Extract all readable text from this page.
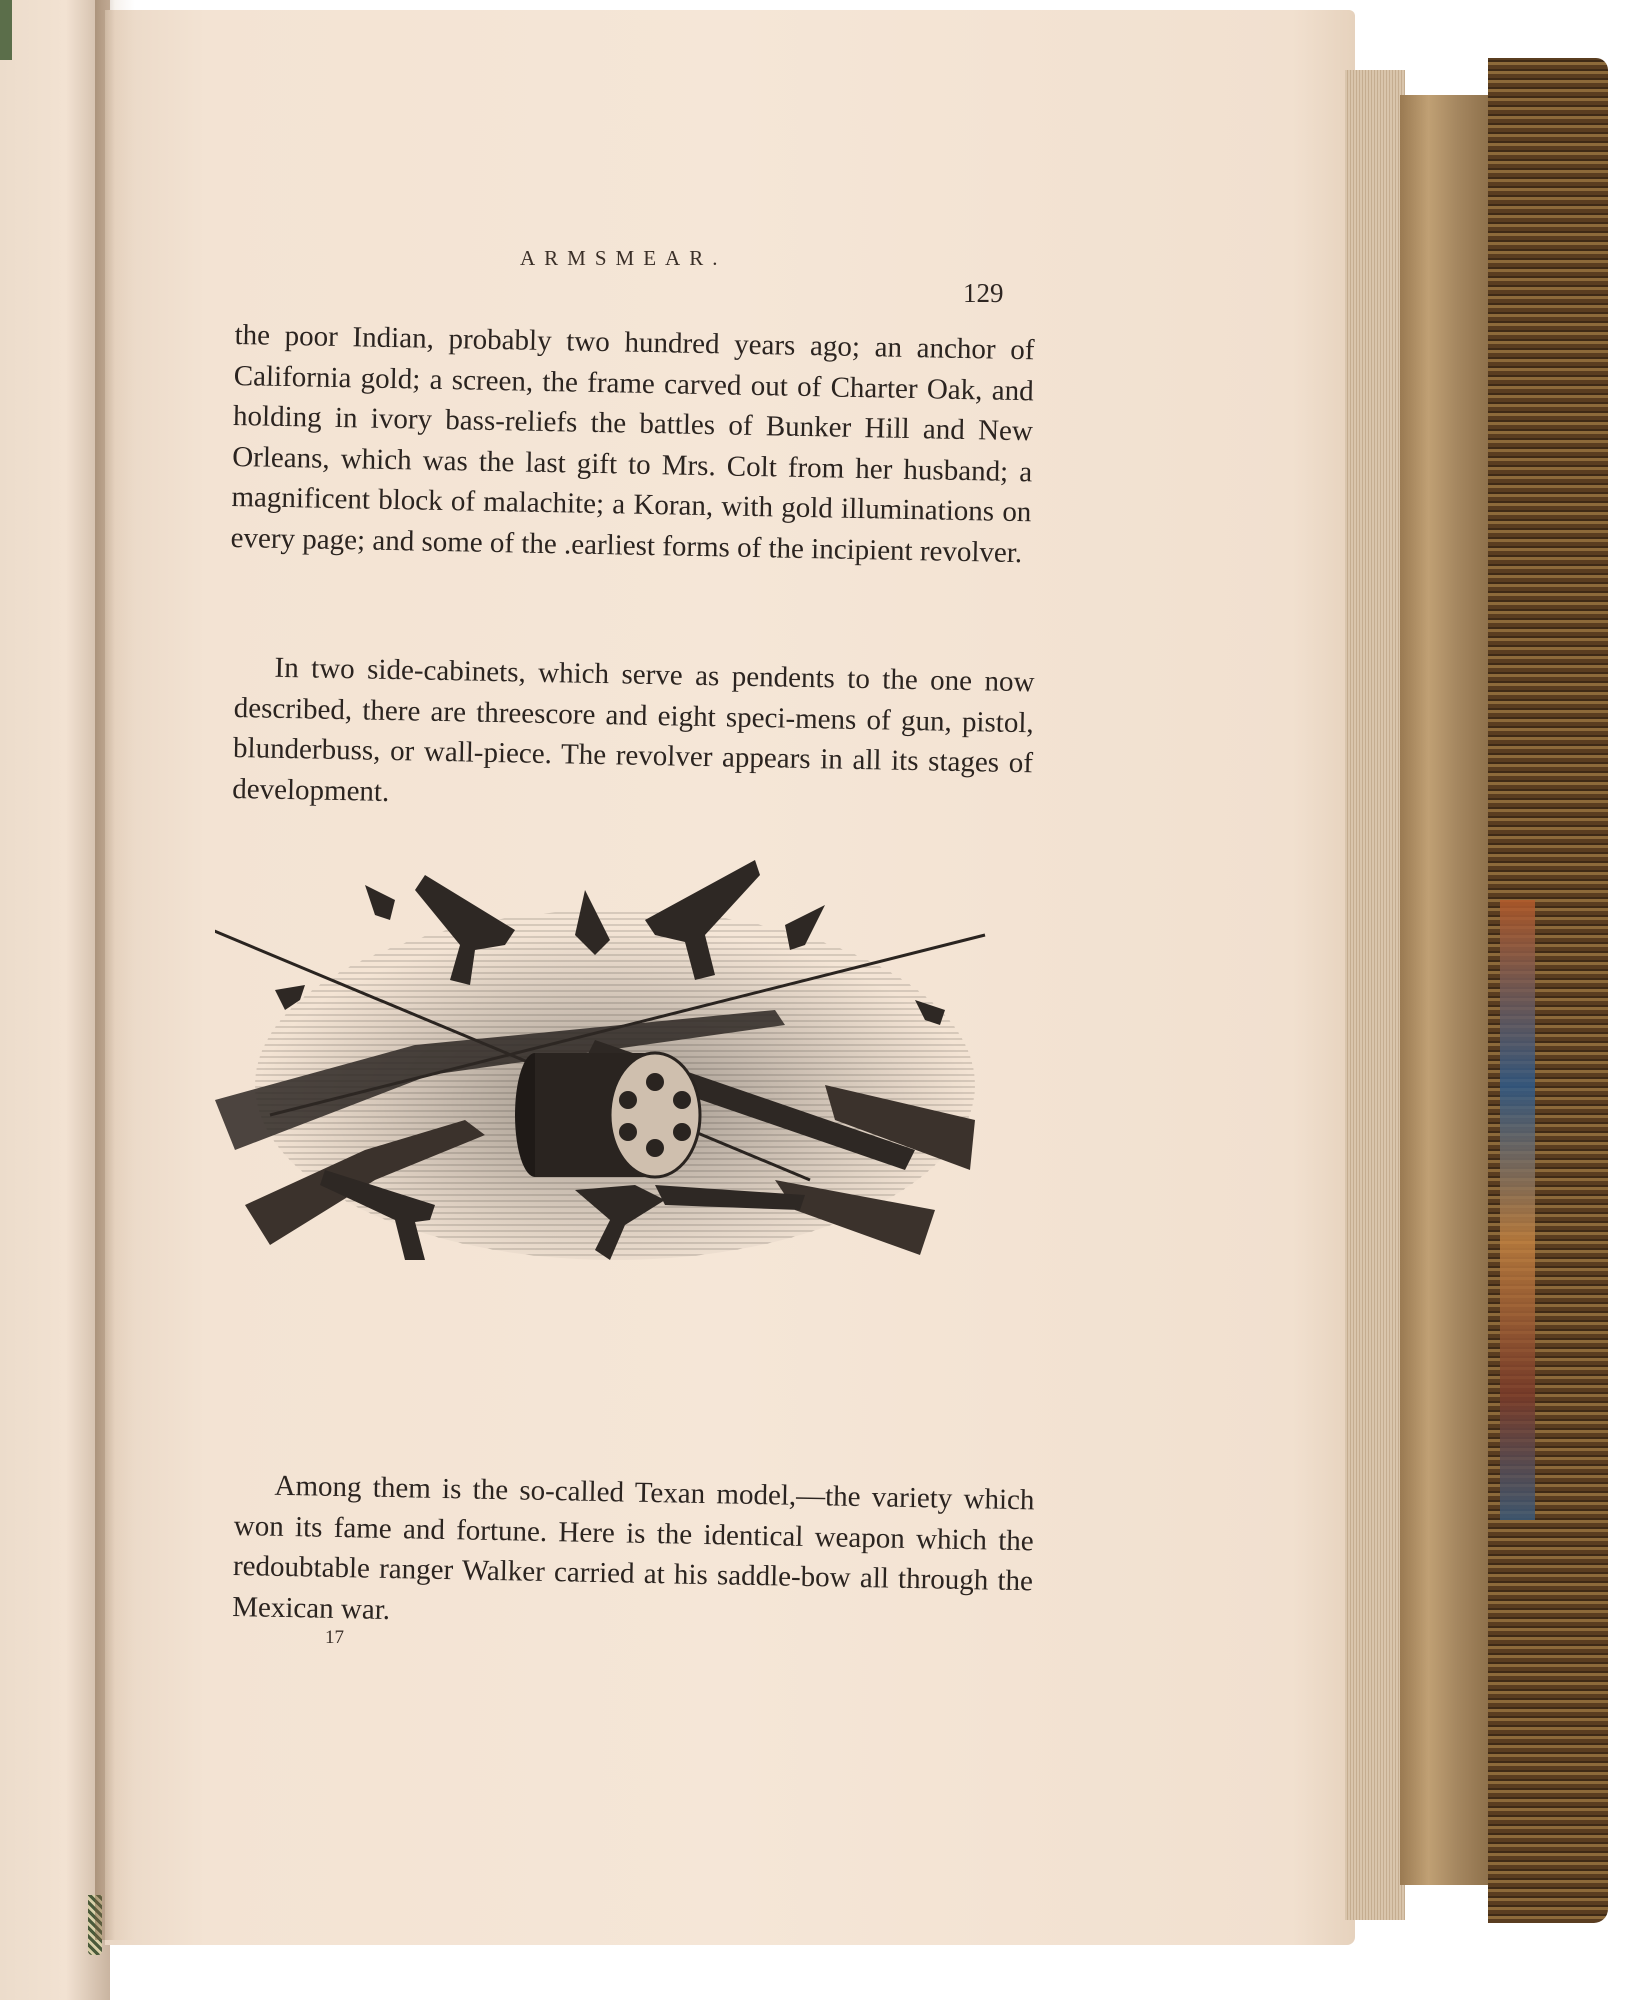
ARMSMEAR.
129

the poor Indian, probably two hundred years ago; an anchor of California gold; a screen, the frame carved out of Charter Oak, and holding in ivory bass-reliefs the battles of Bunker Hill and New Orleans, which was the last gift to Mrs. Colt from her husband; a magnificent block of malachite; a Koran, with gold illuminations on every page; and some of the .earliest forms of the incipient revolver.

In two side-cabinets, which serve as pendents to the one now described, there are threescore and eight speci-mens of gun, pistol, blunderbuss, or wall-piece. The revolver appears in all its stages of development.

Among them is the so-called Texan model,—the variety which won its fame and fortune. Here is the identical weapon which the redoubtable ranger Walker carried at his saddle-bow all through the Mexican war.

17
